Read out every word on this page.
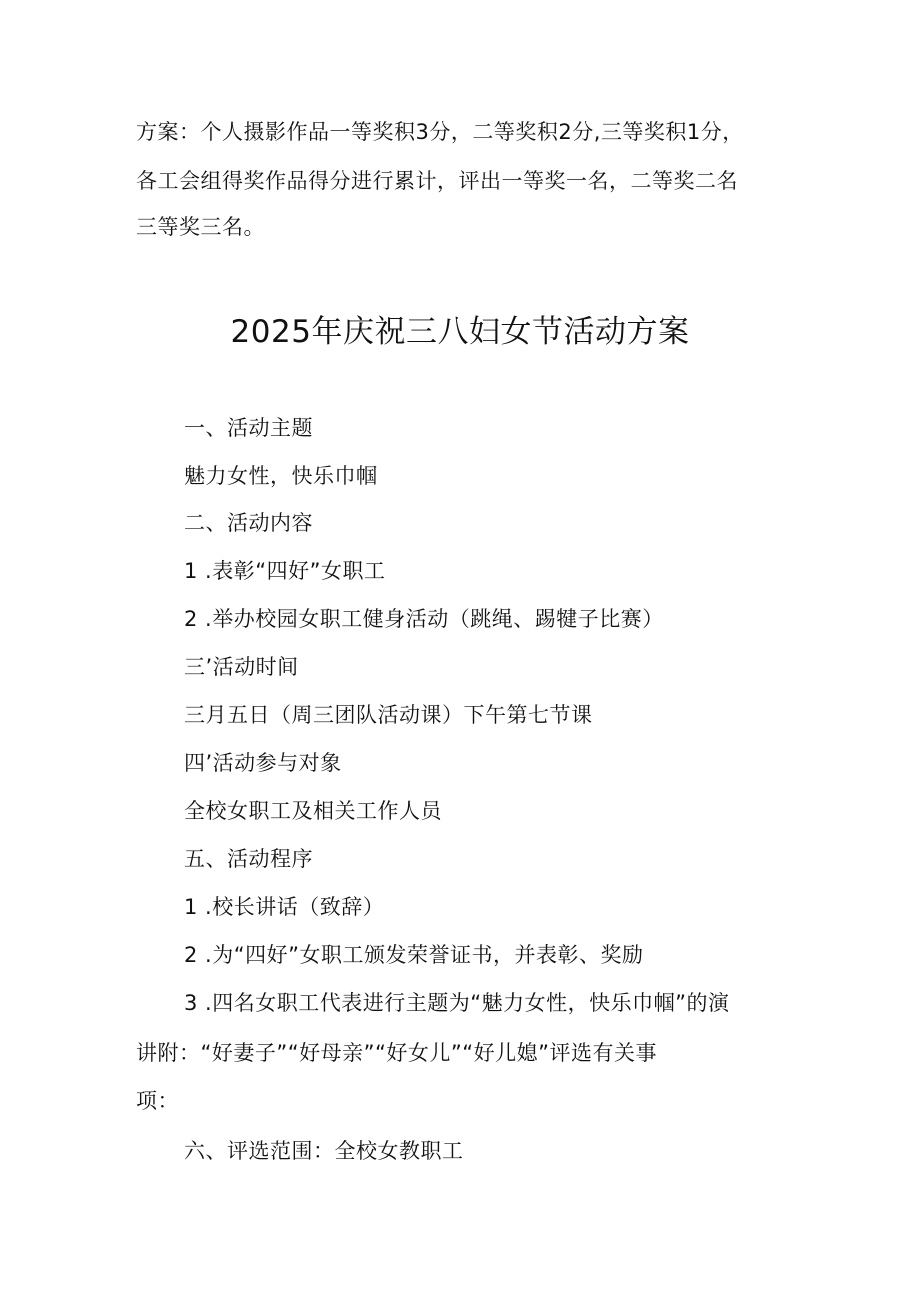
方案：个人摄影作品一等奖积3分，二等奖积2分,三等奖积1分，
各工会组得奖作品得分进行累计，评出一等奖一名，二等奖二名
三等奖三名。
2025年庆祝三八妇女节活动方案
一、活动主题
魅力女性，快乐巾帼
二、活动内容
1 .表彰“四好”女职工
2 .举办校园女职工健身活动（跳绳、踢犍子比赛）
三’活动时间
三月五日（周三团队活动课）下午第七节课
四’活动参与对象
全校女职工及相关工作人员
五、活动程序
1 .校长讲话（致辞）
2 .为“四好”女职工颁发荣誉证书，并表彰、奖励
3 .四名女职工代表进行主题为“魅力女性，快乐巾帼”的演
讲附：“好妻子”“好母亲”“好女儿”“好儿媳”评选有关事
项：
六、评选范围：全校女教职工
